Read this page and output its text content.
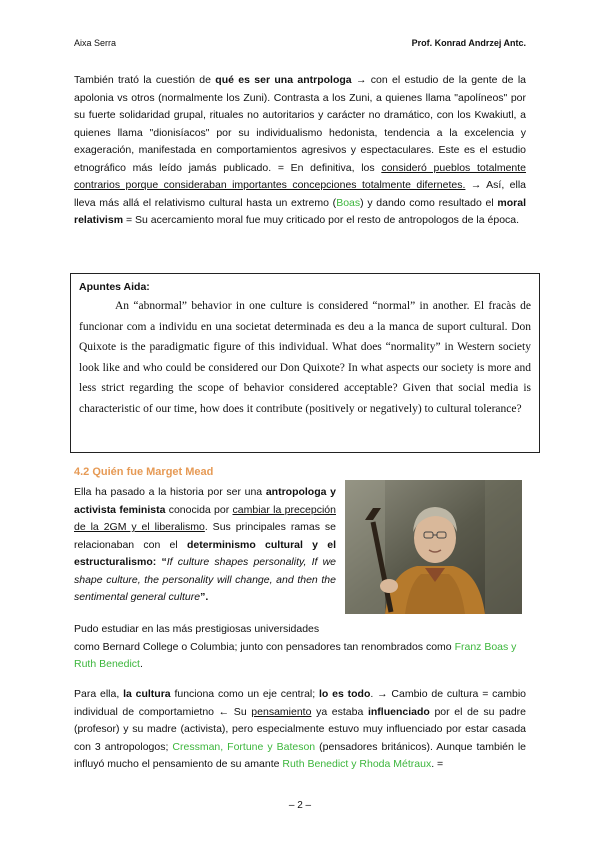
Aixa Serra	Prof. Konrad Andrzej Antc.

También trató la cuestión de qué es ser una antrpologa → con el estudio de la gente de la apolonia vs otros (normalmente los Zuni). Contrasta a los Zuni, a quienes llama "apolíneos" por su fuerte solidaridad grupal, rituales no autoritarios y carácter no dramático, con los Kwakiutl, a quienes llama "dionisíacos" por su individualismo hedonista, tendencia a la excelencia y exageración, manifestada en comportamientos agresivos y espectaculares. Este es el estudio etnográfico más leído jamás publicado. = En definitiva, los consideró pueblos totalmente contrarios porque consideraban importantes concepciones totalmente difernetes. → Así, ella lleva más allá el relativismo cultural hasta un extremo (Boas) y dando como resultado el moral relativism = Su acercamiento moral fue muy criticado por el resto de antropologos de la época.

Apuntes Aida:

An “abnormal” behavior in one culture is considered “normal” in another. El fracàs de funcionar com a individu en una societat determinada es deu a la manca de suport cultural. Don Quixote is the paradigmatic figure of this individual. What does “normality” in Western society look like and who could be considered our Don Quixote? In what aspects our society is more and less strict regarding the scope of behavior considered acceptable? Given that social media is characteristic of our time, how does it contribute (positively or negatively) to cultural tolerance?

4.2 Quién fue Marget Mead

Ella ha pasado a la historia por ser una antropologa y activista feminista conocida por cambiar la precepción de la 2GM y el liberalismo. Sus principales ramas se relacionaban con el determinismo cultural y el estructuralismo: “If culture shapes personality, If we shape culture, the personality will change, and then the sentimental general culture”.

Pudo estudiar en las más prestigiosas universidades
como Bernard College o Columbia; junto con pensadores tan renombrados como Franz Boas y Ruth Benedict.

Para ella, la cultura funciona como un eje central; lo es todo. → Cambio de cultura = cambio individual de comportamietno ← Su pensamiento ya estaba influenciado por el de su padre (profesor) y su madre (activista), pero especialmente estuvo muy influenciado por estar casada con 3 antropologos; Cressman, Fortune y Bateson (pensadores británicos). Aunque también le influyó mucho el pensamiento de su amante Ruth Benedict y Rhoda Métraux. =

– 2 –
